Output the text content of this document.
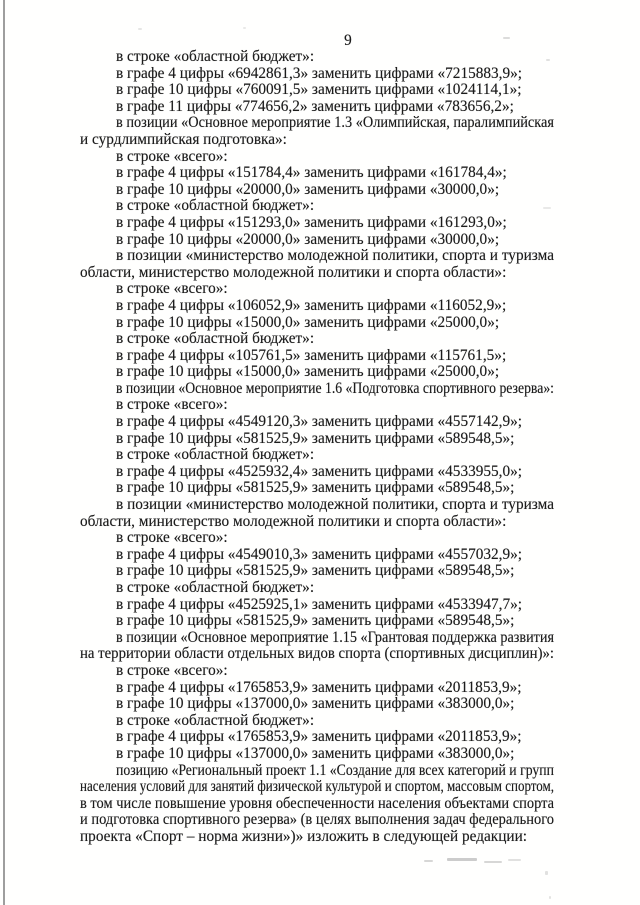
9

в строке «областной бюджет»:

в графе 4 цифры «6942861,3» заменить цифрами «7215883,9»;

в графе 10 цифры «760091,5» заменить цифрами «1024114,1»;

в графе 11 цифры «774656,2» заменить цифрами «783656,2»;

в позиции «Основное мероприятие 1.3 «Олимпийская, паралимпийская
и сурдлимпийская подготовка»:

в строке «всего»:

в графе 4 цифры «151784,4» заменить цифрами «161784,4»;

в графе 10 цифры «20000,0» заменить цифрами «30000,0»;

в строке «областной бюджет»:

в графе 4 цифры «151293,0» заменить цифрами «161293,0»;

в графе 10 цифры «20000,0» заменить цифрами «30000,0»;

в позиции «министерство молодежной политики, спорта и туризма
области, министерство молодежной политики и спорта области»:

в строке «всего»:

в графе 4 цифры «106052,9» заменить цифрами «116052,9»;

в графе 10 цифры «15000,0» заменить цифрами «25000,0»;

в строке «областной бюджет»:

в графе 4 цифры «105761,5» заменить цифрами «115761,5»;

в графе 10 цифры «15000,0» заменить цифрами «25000,0»;

в позиции «Основное мероприятие 1.6 «Подготовка спортивного резерва»:

в строке «всего»:

в графе 4 цифры «4549120,3» заменить цифрами «4557142,9»;

в графе 10 цифры «581525,9» заменить цифрами «589548,5»;

в строке «областной бюджет»:

в графе 4 цифры «4525932,4» заменить цифрами «4533955,0»;

в графе 10 цифры «581525,9» заменить цифрами «589548,5»;

в позиции «министерство молодежной политики, спорта и туризма
области, министерство молодежной политики и спорта области»:

в строке «всего»:

в графе 4 цифры «4549010,3» заменить цифрами «4557032,9»;

в графе 10 цифры «581525,9» заменить цифрами «589548,5»;

в строке «областной бюджет»:

в графе 4 цифры «4525925,1» заменить цифрами «4533947,7»;

в графе 10 цифры «581525,9» заменить цифрами «589548,5»;

в позиции «Основное мероприятие 1.15 «Грантовая поддержка развития
на территории области отдельных видов спорта (спортивных дисциплин)»:

в строке «всего»:

в графе 4 цифры «1765853,9» заменить цифрами «2011853,9»;

в графе 10 цифры «137000,0» заменить цифрами «383000,0»;

в строке «областной бюджет»:

в графе 4 цифры «1765853,9» заменить цифрами «2011853,9»;

в графе 10 цифры «137000,0» заменить цифрами «383000,0»;

позицию «Региональный проект 1.1 «Создание для всех категорий и групп
населения условий для занятий физической культурой и спортом, массовым спортом,
в том числе повышение уровня обеспеченности населения объектами спорта
и подготовка спортивного резерва» (в целях выполнения задач федерального
проекта «Спорт – норма жизни»)» изложить в следующей редакции:
